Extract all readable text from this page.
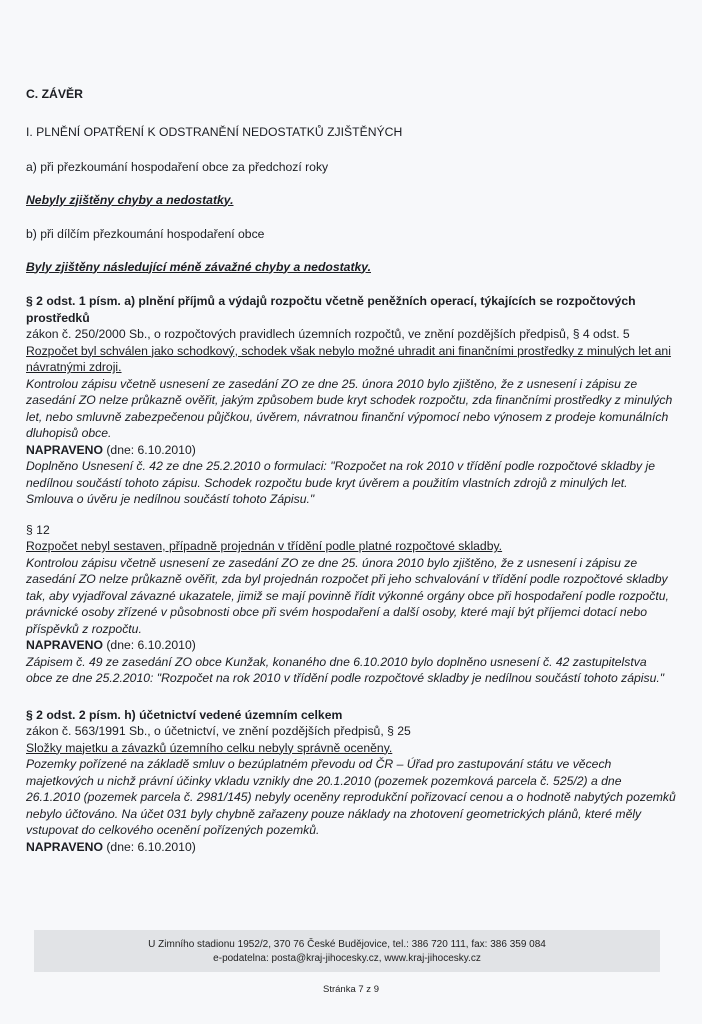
C. ZÁVĚR

I. PLNĚNÍ OPATŘENÍ K ODSTRANĚNÍ NEDOSTATKŮ ZJIŠTĚNÝCH

a) při přezkoumání hospodaření obce za předchozí roky

Nebyly zjištěny chyby a nedostatky.

b) při dílčím přezkoumání hospodaření obce

Byly zjištěny následující méně závažné chyby a nedostatky.

§ 2 odst. 1 písm. a) plnění příjmů a výdajů rozpočtu včetně peněžních operací, týkajících se rozpočtových prostředků

zákon č. 250/2000 Sb., o rozpočtových pravidlech územních rozpočtů, ve znění pozdějších předpisů, § 4 odst. 5

Rozpočet byl schválen jako schodkový, schodek však nebylo možné uhradit ani finančními prostředky z minulých let ani návratnými zdroji.

Kontrolou zápisu včetně usnesení ze zasedání ZO ze dne 25. února 2010 bylo zjištěno, že z usnesení i zápisu ze zasedání ZO nelze průkazně ověřit, jakým způsobem bude kryt schodek rozpočtu, zda finančními prostředky z minulých let, nebo smluvně zabezpečenou půjčkou, úvěrem, návratnou finanční výpomocí nebo výnosem z prodeje komunálních dluhopisů obce.

NAPRAVENO (dne: 6.10.2010)

Doplněno Usnesení č. 42 ze dne 25.2.2010 o formulaci: "Rozpočet na rok 2010 v třídění podle rozpočtové skladby je nedílnou součástí tohoto zápisu. Schodek rozpočtu bude kryt úvěrem a použitím vlastních zdrojů z minulých let. Smlouva o úvěru je nedílnou součástí tohoto Zápisu."

§ 12

Rozpočet nebyl sestaven, případně projednán v třídění podle platné rozpočtové skladby.

Kontrolou zápisu včetně usnesení ze zasedání ZO ze dne 25. února 2010 bylo zjištěno, že z usnesení i zápisu ze zasedání ZO nelze průkazně ověřit, zda byl projednán rozpočet při jeho schvalování v třídění podle rozpočtové skladby tak, aby vyjadřoval závazné ukazatele, jimiž se mají povinně řídit výkonné orgány obce při hospodaření podle rozpočtu, právnické osoby zřízené v působnosti obce při svém hospodaření a další osoby, které mají být příjemci dotací nebo příspěvků z rozpočtu.

NAPRAVENO (dne: 6.10.2010)

Zápisem č. 49 ze zasedání ZO obce Kunžak, konaného dne 6.10.2010 bylo doplněno usnesení č. 42 zastupitelstva obce ze dne 25.2.2010: "Rozpočet na rok 2010 v třídění podle rozpočtové skladby je nedílnou součástí tohoto zápisu."

§ 2 odst. 2 písm. h) účetnictví vedené územním celkem

zákon č. 563/1991 Sb., o účetnictví, ve znění pozdějších předpisů, § 25

Složky majetku a závazků územního celku nebyly správně oceněny.

Pozemky pořízené na základě smluv o bezúplatném převodu od ČR – Úřad pro zastupování státu ve věcech majetkových u nichž právní účinky vkladu vznikly dne 20.1.2010 (pozemek pozemková parcela č. 525/2) a dne 26.1.2010 (pozemek parcela č. 2981/145) nebyly oceněny reprodukční pořizovací cenou a o hodnotě nabytých pozemků nebylo účtováno. Na účet 031 byly chybně zařazeny pouze náklady na zhotovení geometrických plánů, které měly vstupovat do celkového ocenění pořízených pozemků.

NAPRAVENO (dne: 6.10.2010)

U Zimního stadionu 1952/2, 370 76 České Budějovice, tel.: 386 720 111, fax: 386 359 084
e-podatelna: posta@kraj-jihocesky.cz, www.kraj-jihocesky.cz
Stránka 7 z 9
